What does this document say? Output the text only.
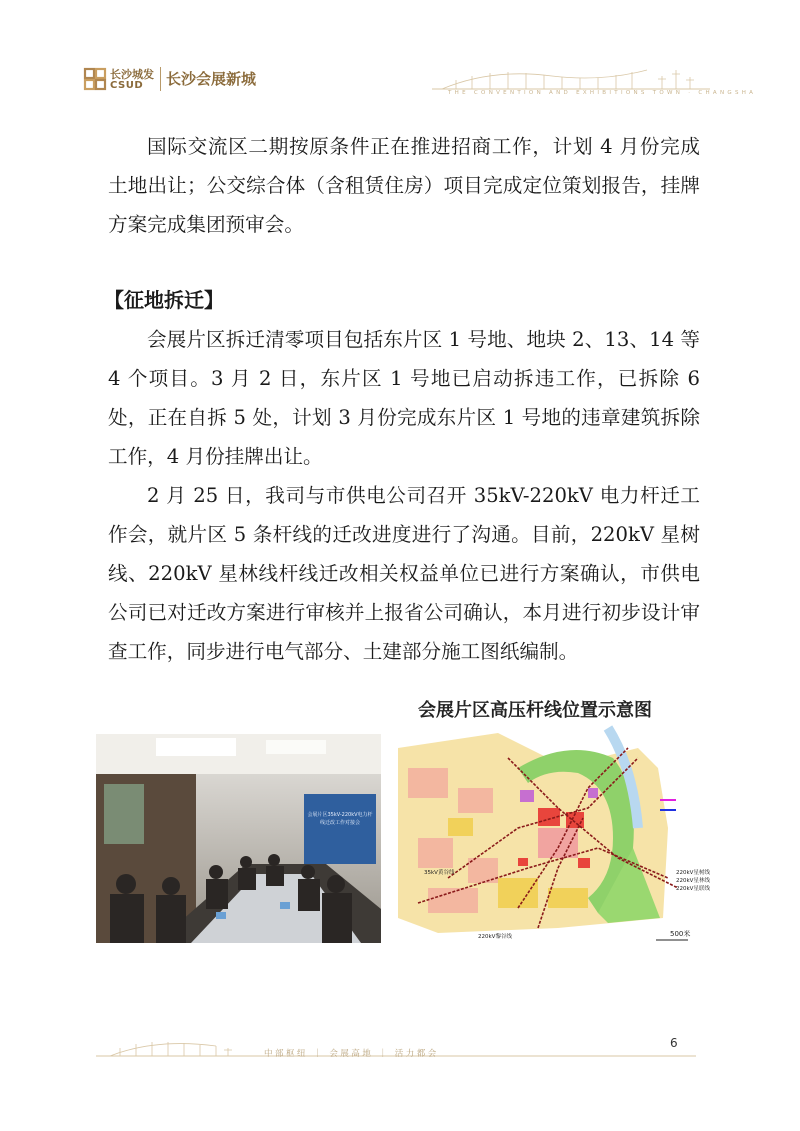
长沙城发
CSUD 长沙会展新城
THE CONVENTION AND EXHIBITIONS TOWN · CHANGSHA

国际交流区二期按原条件正在推进招商工作，计划 4 月份完成土地出让；公交综合体（含租赁住房）项目完成定位策划报告，挂牌方案完成集团预审会。

【征地拆迁】

会展片区拆迁清零项目包括东片区 1 号地、地块 2、13、14 等 4 个项目。3 月 2 日，东片区 1 号地已启动拆违工作，已拆除 6 处，正在自拆 5 处，计划 3 月份完成东片区 1 号地的违章建筑拆除工作，4 月份挂牌出让。

2 月 25 日，我司与市供电公司召开 35kV-220kV 电力杆迁工作会，就片区 5 条杆线的迁改进度进行了沟通。目前，220kV 星树线、220kV 星林线杆线迁改相关权益单位已进行方案确认，市供电公司已对迁改方案进行审核并上报省公司确认，本月进行初步设计审查工作，同步进行电气部分、土建部分施工图纸编制。

会展片区35kV-220kV电力杆
线迁改工作对接会
会展片区高压杆线位置示意图
35kV黄谷线	220kV星树线
220kV星林线
220kV星联线
220kV黎谷线	500米
中部枢纽 ｜ 会展高地 ｜ 活力都会
6
